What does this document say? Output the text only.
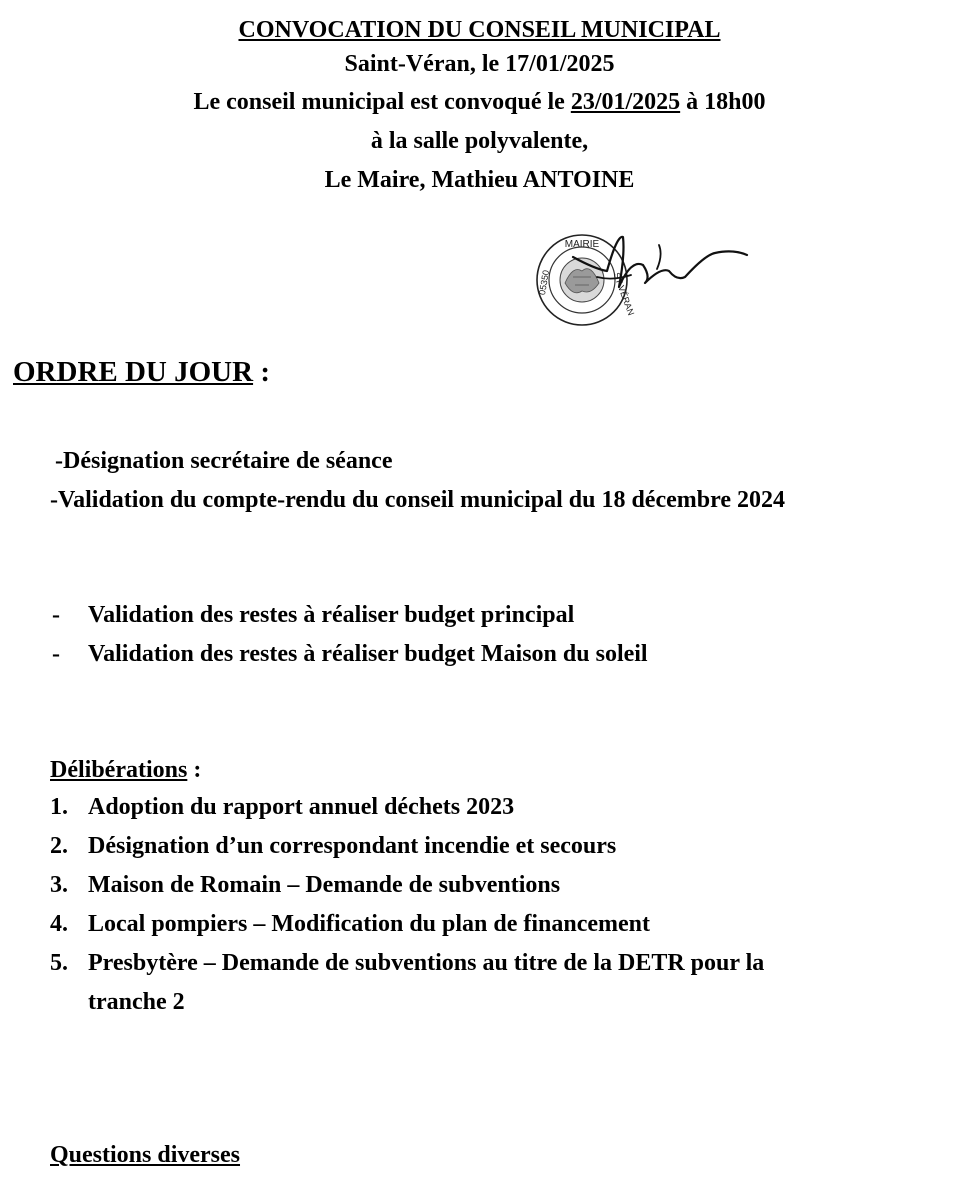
CONVOCATION DU CONSEIL MUNICIPAL
Saint-Véran, le 17/01/2025
Le conseil municipal est convoqué le 23/01/2025 à 18h00
à la salle polyvalente,
Le Maire, Mathieu ANTOINE
MAIRIE
ST VÉRAN
05350
ORDRE DU JOUR :
-Désignation secrétaire de séance
-Validation du compte-rendu du conseil municipal du 18 décembre 2024
- Validation des restes à réaliser budget principal
- Validation des restes à réaliser budget Maison du soleil
Délibérations :
1. Adoption du rapport annuel déchets 2023
2. Désignation d’un correspondant incendie et secours
3. Maison de Romain – Demande de subventions
4. Local pompiers – Modification du plan de financement
5. Presbytère – Demande de subventions au titre de la DETR pour la
tranche 2
Questions diverses
